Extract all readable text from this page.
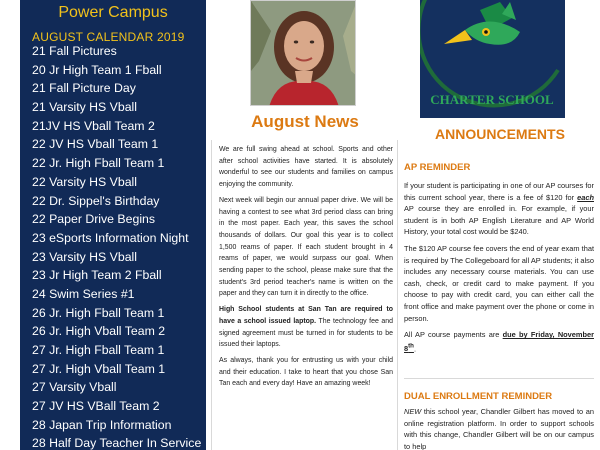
Power Campus
AUGUST CALENDAR 2019
21 Fall Pictures
20 Jr High Team 1 Fball
21 Fall Picture Day
21 Varsity HS Vball
21JV HS Vball Team 2
22 JV HS Vball Team 1
22 Jr. High Fball Team 1
22 Varsity HS Vball
22 Dr. Sippel's Birthday
22 Paper Drive Begins
23 eSports Information Night
23 Varsity HS Vball
23 Jr High Team 2 Fball
24 Swim Series #1
26 Jr. High Fball Team 1
26 Jr. High Vball Team 2
27 Jr. High Fball Team 1
27 Jr. High Vball Team 1
27 Varsity Vball
27 JV HS VBall Team 2
28 Japan Trip Information
28 Half Day Teacher In Service
August News

We are full swing ahead at school. Sports and other after school activities have started. It is absolutely wonderful to see our students and families on campus enjoying the community.

Next week will begin our annual paper drive. We will be having a contest to see what 3rd period class can bring in the most paper. Each year, this saves the school thousands of dollars. Our goal this year is to collect 1,500 reams of paper. If each student brought in 4 reams of paper, we would surpass our goal. When sending paper to the school, please make sure that the student's 3rd period teacher's name is written on the paper and they can turn it in directly to the office.

High School students at San Tan are required to have a school issued laptop. The technology fee and signed agreement must be turned in for students to be issued their laptops.

As always, thank you for entrusting us with your child and their education. I take to heart that you chose San Tan each and every day! Have an amazing week!

CHARTER SCHOOL
ANNOUNCEMENTS
AP REMINDER

If your student is participating in one of our AP courses for this current school year, there is a fee of $120 for each AP course they are enrolled in. For example, if your student is in both AP English Literature and AP World History, your total cost would be $240.

The $120 AP course fee covers the end of year exam that is required by The Collegeboard for all AP students; it also includes any necessary course materials. You can use cash, check, or credit card to make payment. If you choose to pay with credit card, you can either call the front office and make payment over the phone or come in person.

All AP course payments are due by Friday, November 8th.

DUAL ENROLLMENT REMINDER

NEW this school year, Chandler Gilbert has moved to an online registration platform. In order to support schools with this change, Chandler Gilbert will be on our campus to help
